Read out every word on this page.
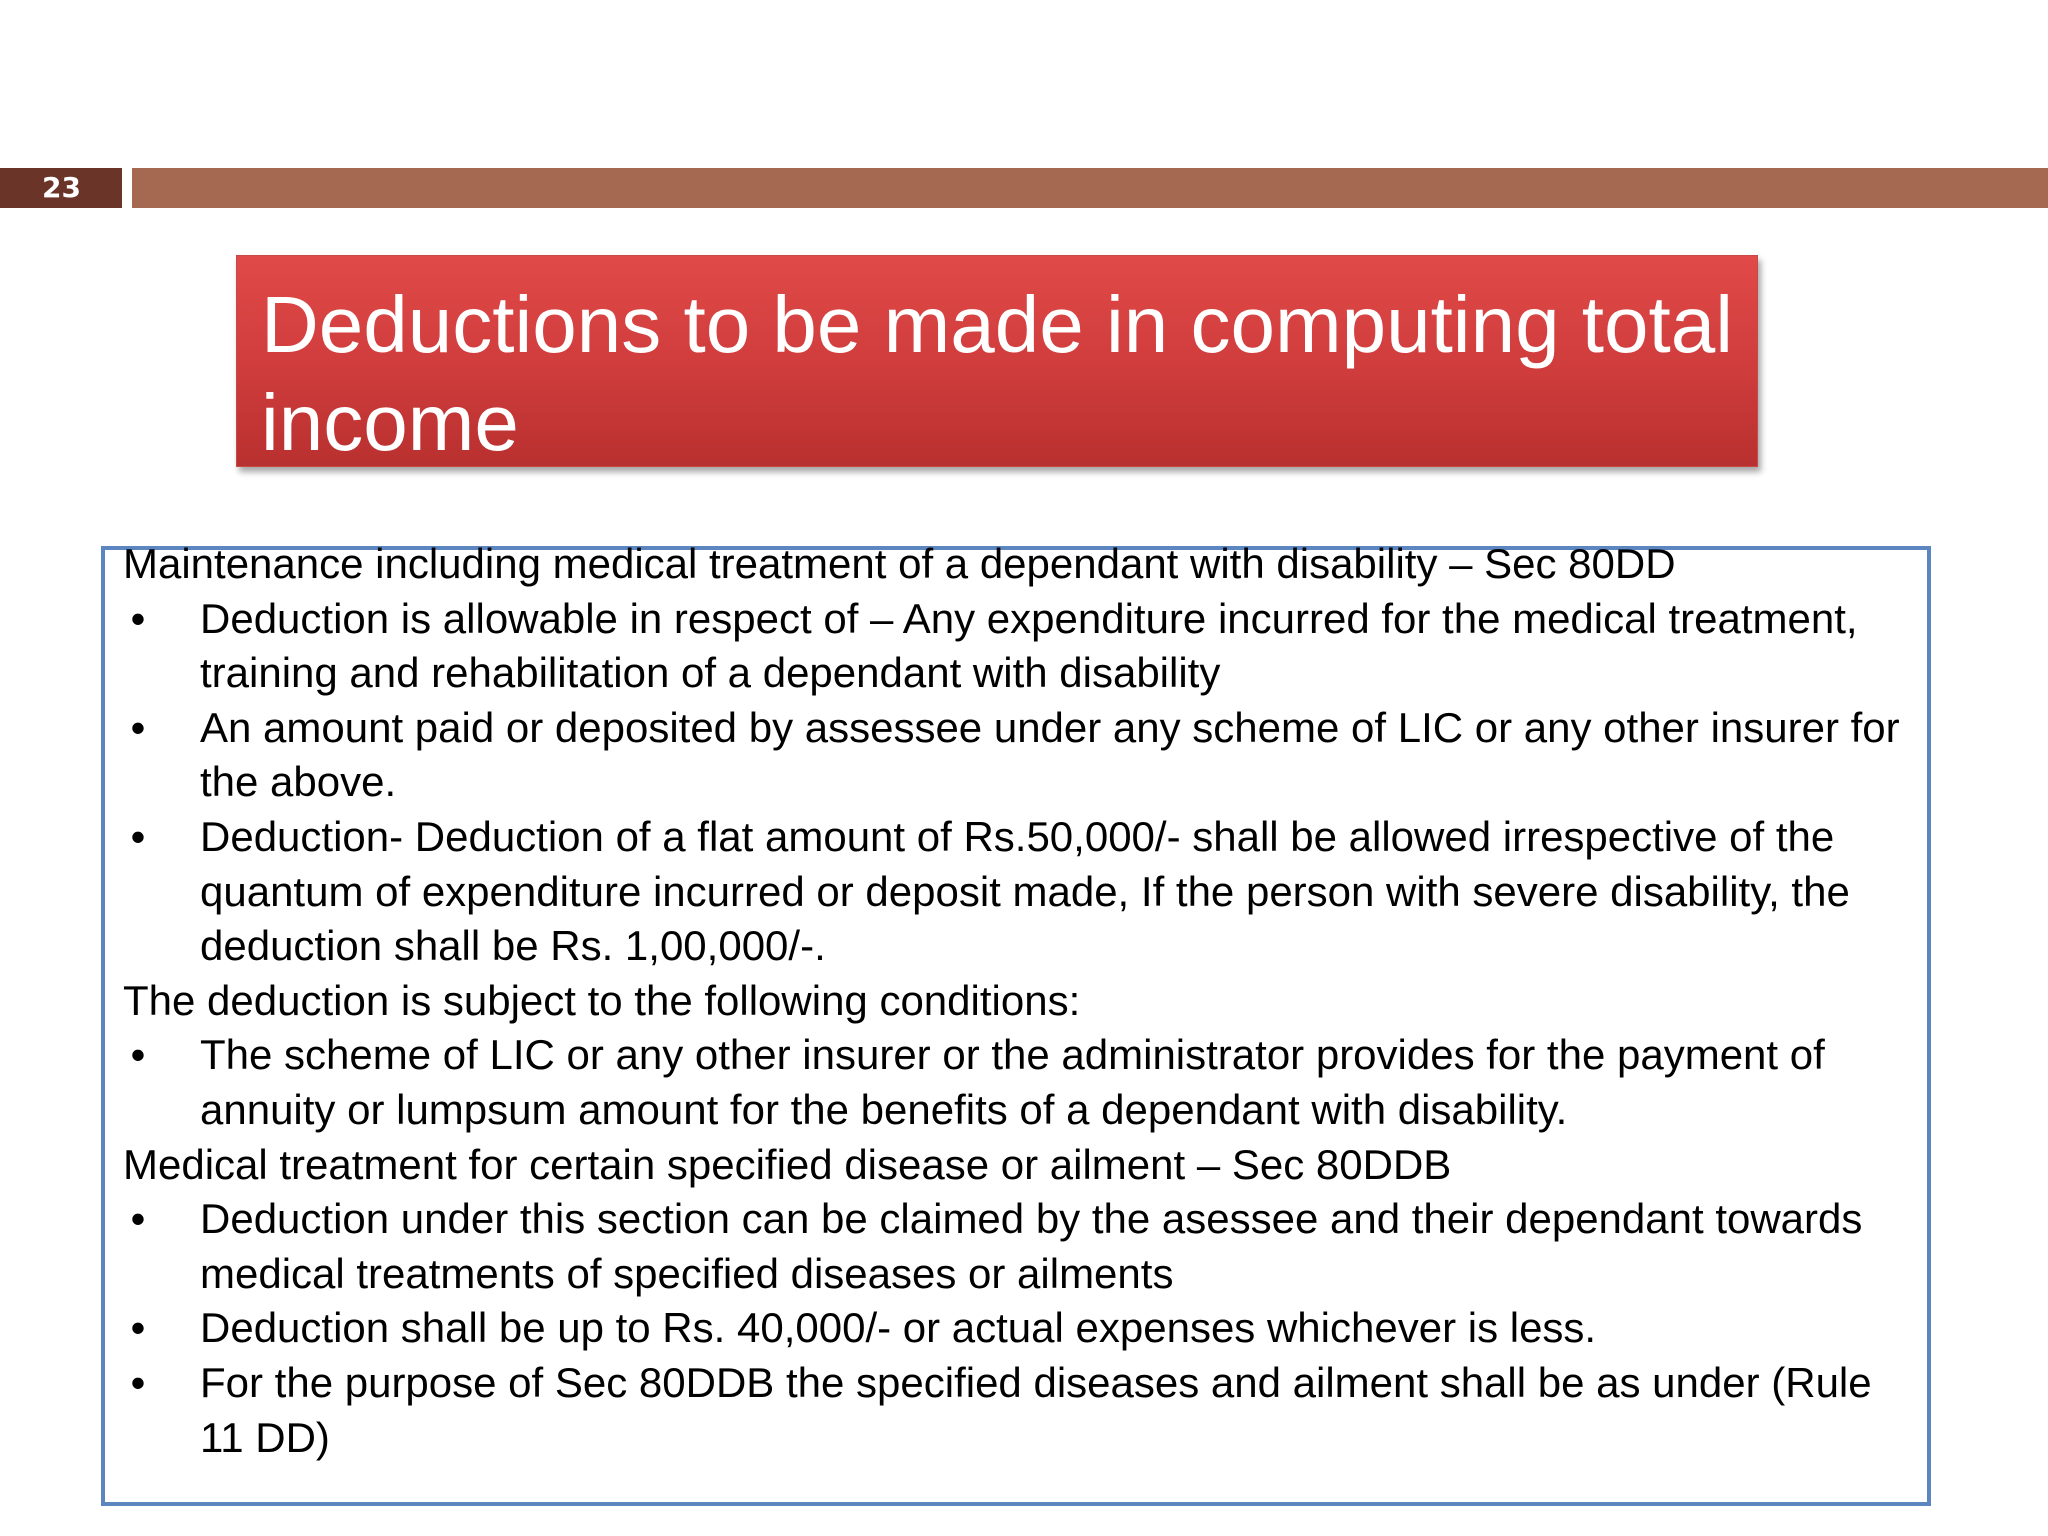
23
Deductions to be made in computing total income

Maintenance including medical treatment of a dependant with disability – Sec 80DD

• Deduction is allowable in respect of – Any expenditure incurred for the medical treatment, training and rehabilitation of a dependant with disability

• An amount paid or deposited by assessee under any scheme of LIC or any other insurer for the above.

• Deduction- Deduction of a flat amount of Rs.50,000/- shall be allowed irrespective of the quantum of expenditure incurred or deposit made, If the person with severe disability, the deduction shall be Rs. 1,00,000/-.

The deduction is subject to the following conditions:

• The scheme of LIC or any other insurer or the administrator provides for the payment of annuity or lumpsum amount for the benefits of a dependant with disability.

Medical treatment for certain specified disease or ailment – Sec 80DDB

• Deduction under this section can be claimed by the asessee and their dependant towards medical treatments of specified diseases or ailments

• Deduction shall be up to Rs. 40,000/- or actual expenses whichever is less.

• For the purpose of Sec 80DDB the specified diseases and ailment shall be as under (Rule 11 DD)
